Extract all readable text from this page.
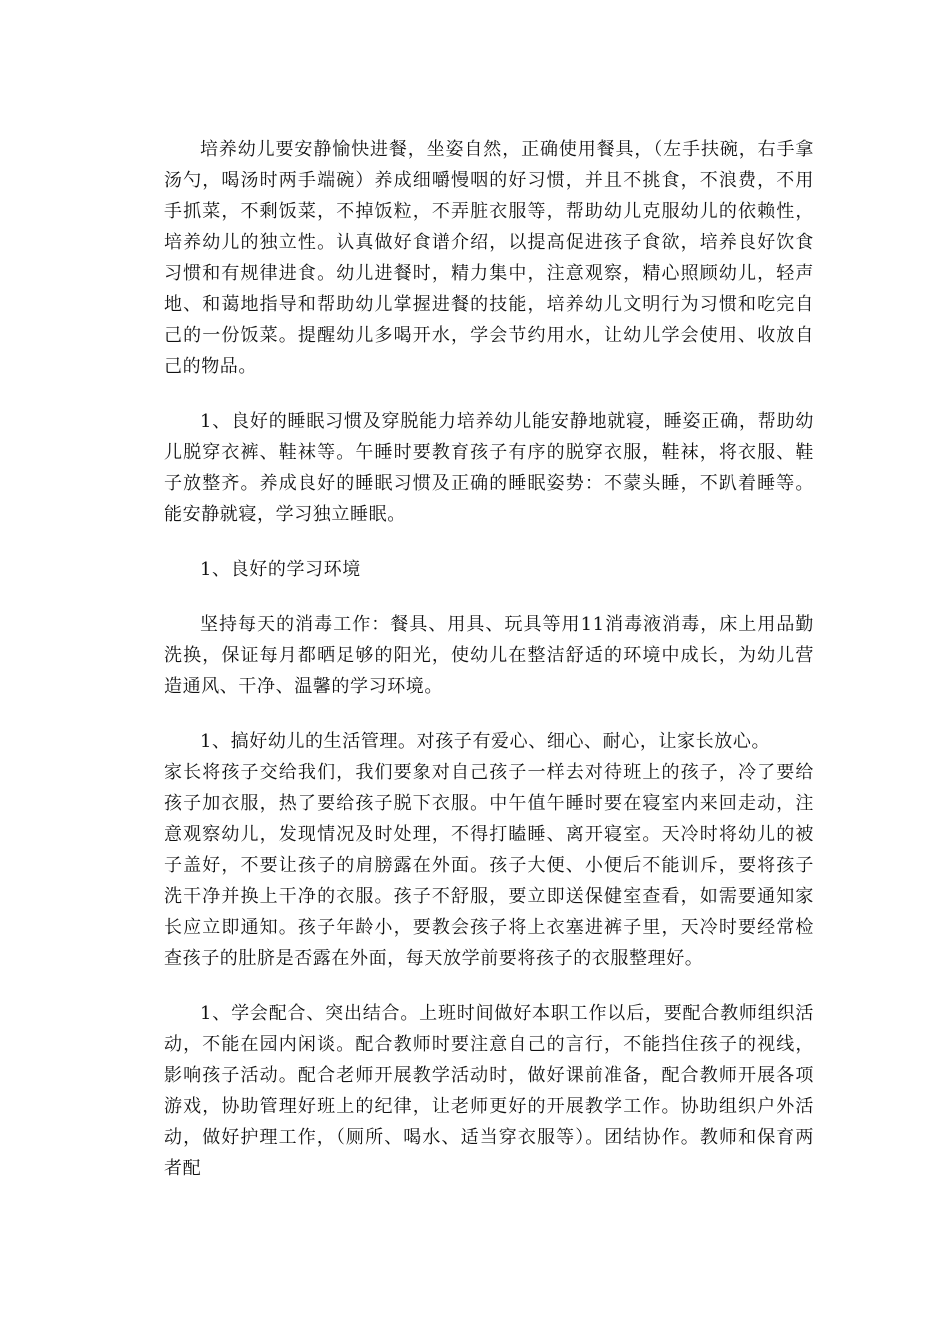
培养幼儿要安静愉快进餐，坐姿自然，正确使用餐具，（左手扶碗，右手拿汤勺，喝汤时两手端碗）养成细嚼慢咽的好习惯，并且不挑食，不浪费，不用手抓菜，不剩饭菜，不掉饭粒，不弄脏衣服等，帮助幼儿克服幼儿的依赖性，培养幼儿的独立性。认真做好食谱介绍，以提高促进孩子食欲，培养良好饮食习惯和有规律进食。幼儿进餐时，精力集中，注意观察，精心照顾幼儿，轻声地、和蔼地指导和帮助幼儿掌握进餐的技能，培养幼儿文明行为习惯和吃完自己的一份饭菜。提醒幼儿多喝开水，学会节约用水，让幼儿学会使用、收放自己的物品。

1、良好的睡眠习惯及穿脱能力培养幼儿能安静地就寝，睡姿正确，帮助幼儿脱穿衣裤、鞋袜等。午睡时要教育孩子有序的脱穿衣服，鞋袜，将衣服、鞋子放整齐。养成良好的睡眠习惯及正确的睡眠姿势：不蒙头睡，不趴着睡等。能安静就寝，学习独立睡眠。

1、良好的学习环境

坚持每天的消毒工作：餐具、用具、玩具等用11消毒液消毒，床上用品勤洗换，保证每月都晒足够的阳光，使幼儿在整洁舒适的环境中成长，为幼儿营造通风、干净、温馨的学习环境。

1、搞好幼儿的生活管理。对孩子有爱心、细心、耐心，让家长放心。

家长将孩子交给我们，我们要象对自己孩子一样去对待班上的孩子，冷了要给孩子加衣服，热了要给孩子脱下衣服。中午值午睡时要在寝室内来回走动，注意观察幼儿，发现情况及时处理，不得打瞌睡、离开寝室。天冷时将幼儿的被子盖好，不要让孩子的肩膀露在外面。孩子大便、小便后不能训斥，要将孩子洗干净并换上干净的衣服。孩子不舒服，要立即送保健室查看，如需要通知家长应立即通知。孩子年龄小，要教会孩子将上衣塞进裤子里，天冷时要经常检查孩子的肚脐是否露在外面，每天放学前要将孩子的衣服整理好。

1、学会配合、突出结合。上班时间做好本职工作以后，要配合教师组织活动，不能在园内闲谈。配合教师时要注意自己的言行，不能挡住孩子的视线，影响孩子活动。配合老师开展教学活动时，做好课前准备，配合教师开展各项游戏，协助管理好班上的纪律，让老师更好的开展教学工作。协助组织户外活动，做好护理工作，（厕所、喝水、适当穿衣服等）。团结协作。教师和保育两者配
